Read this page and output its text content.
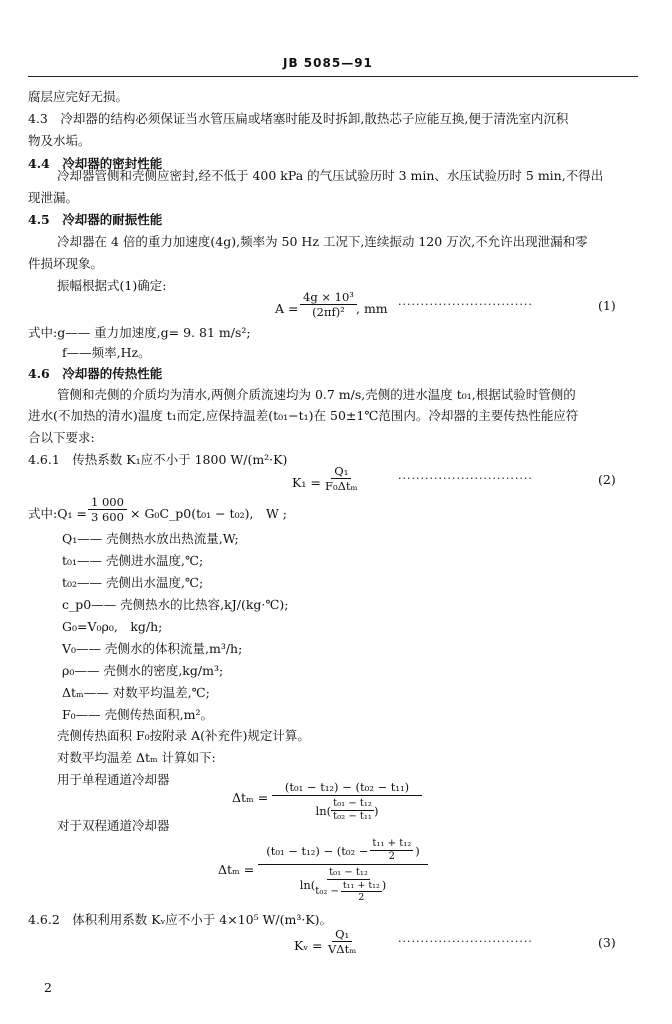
JB 5085—91
腐层应完好无损。
4.3　冷却器的结构必须保证当水管压扁或堵塞时能及时拆卸,散热芯子应能互换,便于清洗室内沉积
物及水垢。
4.4　冷却器的密封性能
冷却器管侧和壳侧应密封,经不低于 400 kPa 的气压试验历时 3 min、水压试验历时 5 min,不得出
现泄漏。
4.5　冷却器的耐振性能
冷却器在 4 倍的重力加速度(4g),频率为 50 Hz 工况下,连续振动 120 万次,不允许出现泄漏和零
件损坏现象。
振幅根据式(1)确定:
$A = \frac{\text{4g × 10³}}{\text{(2πf)²}}$ , mm ······························	(1)
式中:g—— 重力加速度,g= 9. 81 m/s²;
f——频率,Hz。
4.6　冷却器的传热性能
管侧和壳侧的介质均为清水,两侧介质流速均为 0.7 m/s,壳侧的进水温度 t₀₁,根据试验时管侧的
进水(不加热的清水)温度 t₁而定,应保持温差(t₀₁−t₁)在 50±1℃范围内。冷却器的主要传热性能应符
合以下要求:
4.6.1　传热系数 K₁应不小于 1800 W/(m²·K)
K₁ =
Q₁
F₀Δtₘ
······························	(2)
式中:Q₁ = $\frac{1 000}{3 600}$ × G₀C_p0(t₀₁ − t₀₂),　W ;
Q₁—— 壳侧热水放出热流量,W;
t₀₁—— 壳侧进水温度,℃;
t₀₂—— 壳侧出水温度,℃;
c_p0—— 壳侧热水的比热容,kJ/(kg·℃);
G₀=V₀ρ₀,　kg/h;
V₀—— 壳侧水的体积流量,m³/h;
ρ₀—— 壳侧水的密度,kg/m³;
Δtₘ—— 对数平均温差,℃;
F₀—— 壳侧传热面积,m²。
壳侧传热面积 F₀按附录 A(补充件)规定计算。
对数平均温差 Δtₘ 计算如下:
用于单程通道冷却器
Δtₘ =
(t₀₁ − t₁₂) − (t₀₂ − t₁₁)
$\ln( \frac{\text{t₀₁ − t₁₂}}{\text{t₀₂ − t₁₁}}$ )
对于双程通道冷却器
Δtₘ =
$(t_{01} - t_{12}) - (t_{02} - \frac{\text{t₁₁ + t₁₂}}{2}$ )
ln(
t₀₁ − t₁₂
$t_{02} - \frac{\text{t₁₁ + t₁₂}}{2}$ )
4.6.2　体积利用系数 Kᵥ应不小于 4×10⁵ W/(m³·K)。
Kᵥ =
Q₁
VΔtₘ
······························	(3)
2
